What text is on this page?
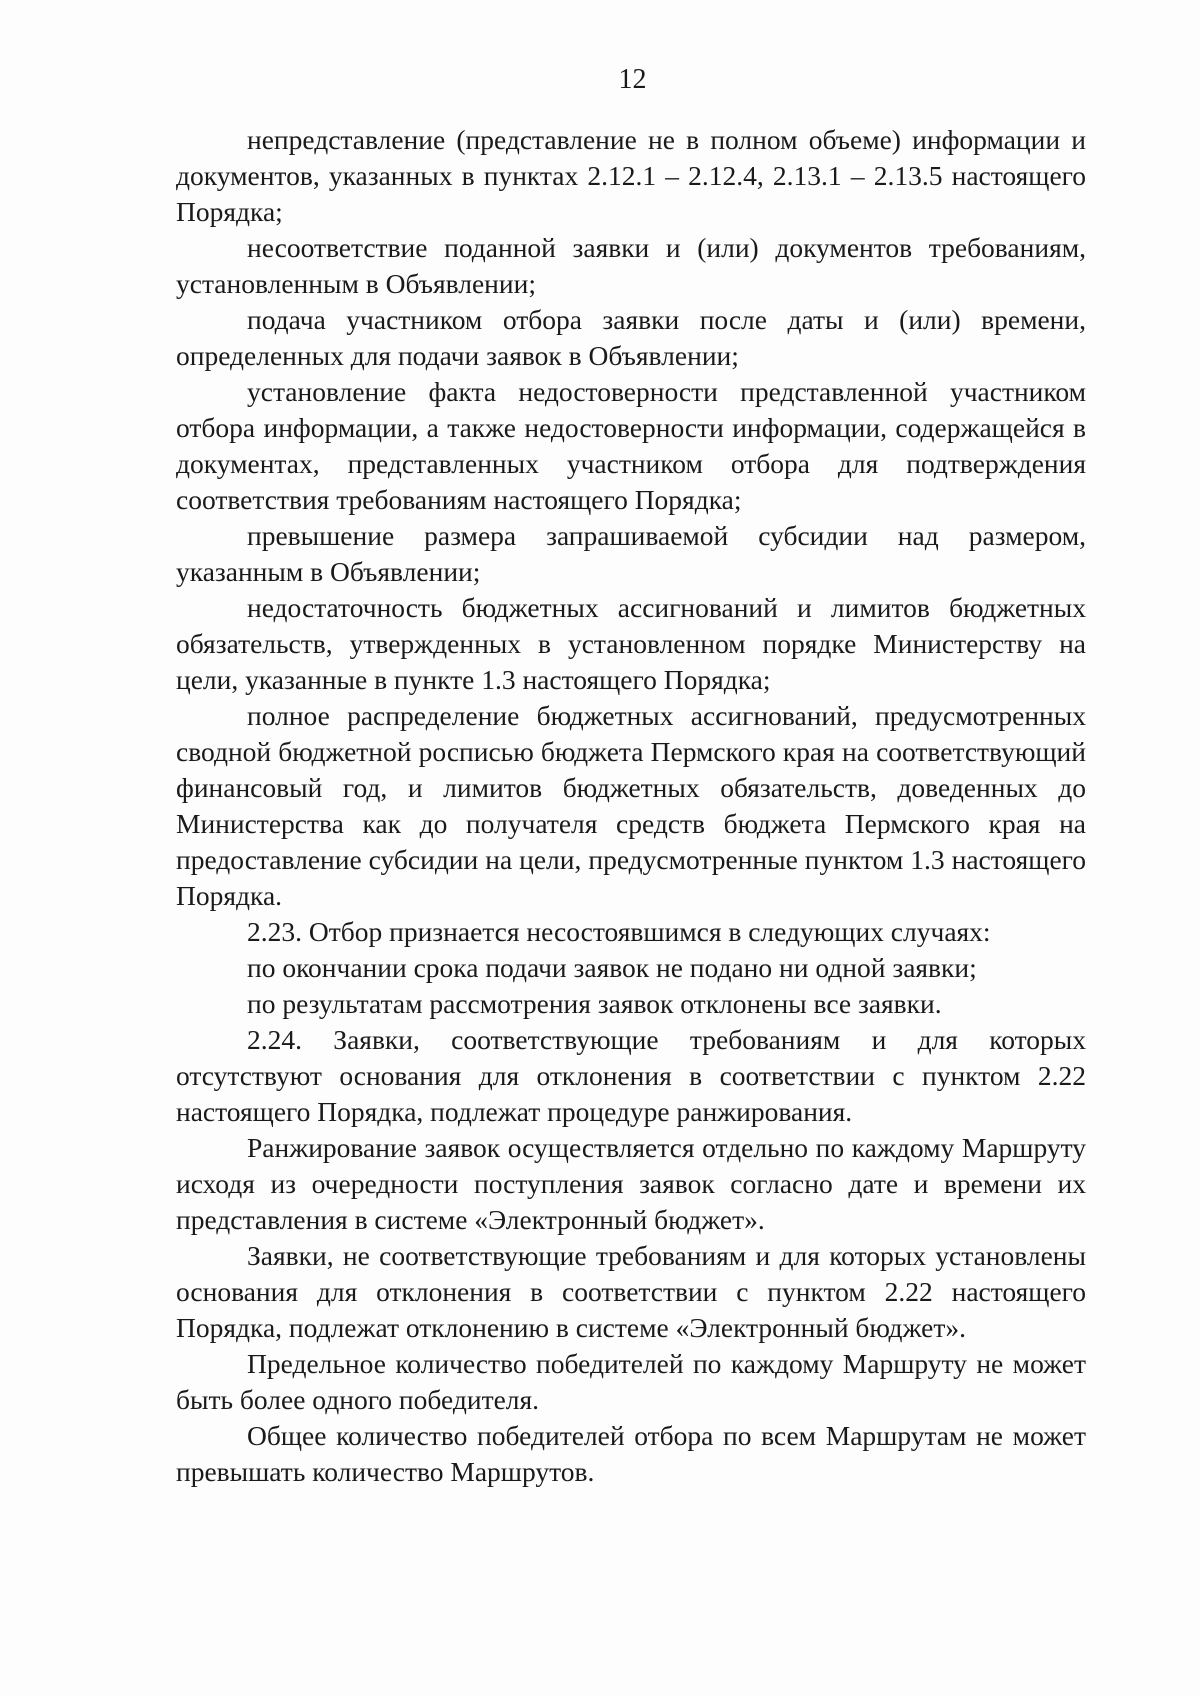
12

непредставление (представление не в полном объеме) информации и документов, указанных в пунктах 2.12.1 – 2.12.4, 2.13.1 – 2.13.5 настоящего Порядка;

несоответствие поданной заявки и (или) документов требованиям, установленным в Объявлении;

подача участником отбора заявки после даты и (или) времени, определенных для подачи заявок в Объявлении;

установление факта недостоверности представленной участником отбора информации, а также недостоверности информации, содержащейся в документах, представленных участником отбора для подтверждения соответствия требованиям настоящего Порядка;

превышение размера запрашиваемой субсидии над размером, указанным в Объявлении;

недостаточность бюджетных ассигнований и лимитов бюджетных обязательств, утвержденных в установленном порядке Министерству на цели, указанные в пункте 1.3 настоящего Порядка;

полное распределение бюджетных ассигнований, предусмотренных сводной бюджетной росписью бюджета Пермского края на соответствующий финансовый год, и лимитов бюджетных обязательств, доведенных до Министерства как до получателя средств бюджета Пермского края на предоставление субсидии на цели, предусмотренные пунктом 1.3 настоящего Порядка.

2.23. Отбор признается несостоявшимся в следующих случаях:

по окончании срока подачи заявок не подано ни одной заявки;

по результатам рассмотрения заявок отклонены все заявки.

2.24. Заявки, соответствующие требованиям и для которых отсутствуют основания для отклонения в соответствии с пунктом 2.22 настоящего Порядка, подлежат процедуре ранжирования.

Ранжирование заявок осуществляется отдельно по каждому Маршруту исходя из очередности поступления заявок согласно дате и времени их представления в системе «Электронный бюджет».

Заявки, не соответствующие требованиям и для которых установлены основания для отклонения в соответствии с пунктом 2.22 настоящего Порядка, подлежат отклонению в системе «Электронный бюджет».

Предельное количество победителей по каждому Маршруту не может быть более одного победителя.

Общее количество победителей отбора по всем Маршрутам не может превышать количество Маршрутов.
